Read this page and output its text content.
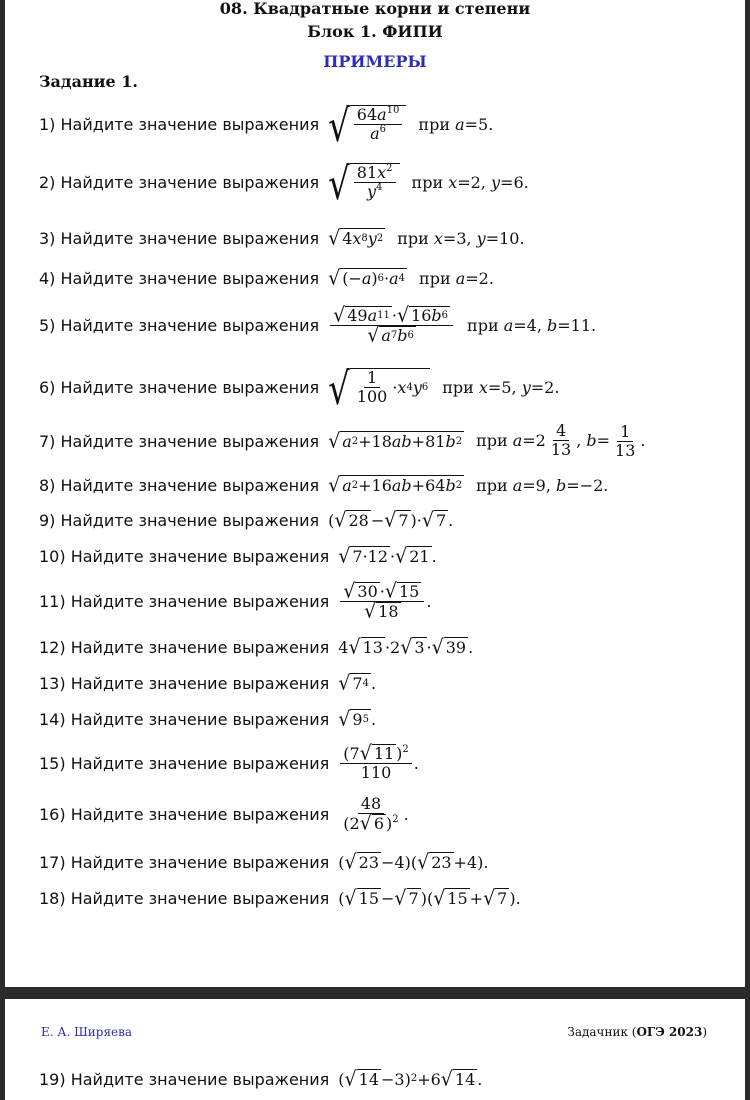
08. Квадратные корни и степени
Блок 1. ФИПИ
ПРИМЕРЫ
Задание 1.
1) Найдите значение выражения √ $\frac{64a^{10}}{a^6}$ при a=5.
2) Найдите значение выражения √ $\frac{81x^2}{y^4}$ при x=2, y=6.
3) Найдите значение выражения √ 4 x 8 y 2 при x=3, y=10.
4) Найдите значение выражения √ (− a ) 6 · a 4 при a=2.
5) Найдите значение выражения $\frac{√ 49 a 11 \cdot √ 16 b 6}{√ a 7 b 6}$ при a=4, b=11.
6) Найдите значение выражения √ $\frac{1}{100} \cdot x$ 4 y 6 при x=5, y=2.
7) Найдите значение выражения √ a 2 +18 ab +81 b 2 при $a=2 \frac{4}{13}$ , $b= \frac{1}{13}$ .
8) Найдите значение выражения √ a 2 +16 ab +64 b 2 при a=9, b=−2.
9) Найдите значение выражения ( √ 28 − √ 7 )· √ 7 .
10) Найдите значение выражения √ 7·12 · √ 21 .
11) Найдите значение выражения $\frac{√ 30 \cdot √ 15}{√ 18}$ .
12) Найдите значение выражения 4 √ 13 ·2 √ 3 · √ 39 .
13) Найдите значение выражения √ 7 4 .
14) Найдите значение выражения √ 9 5 .
15) Найдите значение выражения $\frac{(7 √ 11 )^2}{110}$ .
16) Найдите значение выражения $\frac{48}{(2 √ 6 )^2}$ .
17) Найдите значение выражения ( √ 23 −4)( √ 23 +4).
18) Найдите значение выражения ( √ 15 − √ 7 )( √ 15 + √ 7 ).
Е. А. Ширяева	Задачник (ОГЭ 2023)
19) Найдите значение выражения ( √ 14 −3) 2 +6 √ 14 .
